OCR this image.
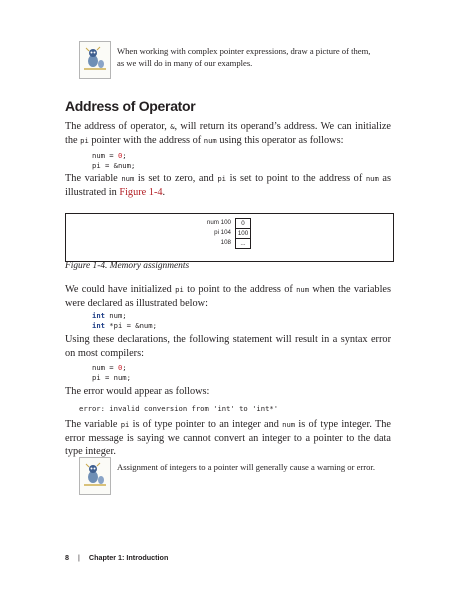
When working with complex pointer expressions, draw a picture of them, as we will do in many of our examples.
Address of Operator
The address of operator, &, will return its operand’s address. We can initialize the pi pointer with the address of num using this operator as follows:
num = 0;
pi = &num;
The variable num is set to zero, and pi is set to point to the address of num as illustrated in Figure 1-4.
num 100	0
pi 104	100
108	...
Figure 1-4. Memory assignments
We could have initialized pi to point to the address of num when the variables were declared as illustrated below:
int num;
int *pi = &num;
Using these declarations, the following statement will result in a syntax error on most compilers:
num = 0;
pi = num;
The error would appear as follows:
error: invalid conversion from 'int' to 'int*'
The variable pi is of type pointer to an integer and num is of type integer. The error message is saying we cannot convert an integer to a pointer to the data type integer.
Assignment of integers to a pointer will generally cause a warning or error.
8 | Chapter 1: Introduction
